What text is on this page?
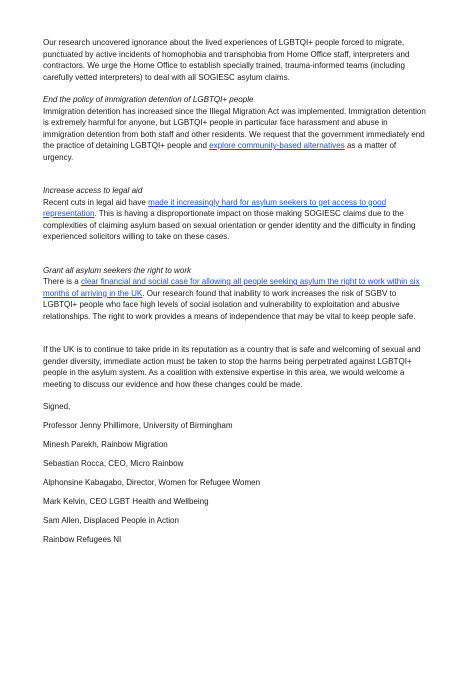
Our research uncovered ignorance about the lived experiences of LGBTQI+ people forced to migrate, punctuated by active incidents of homophobia and transphobia from Home Office staff, interpreters and contractors. We urge the Home Office to establish specially trained, trauma-informed teams (including carefully vetted interpreters) to deal with all SOGIESC asylum claims.

End the policy of immigration detention of LGBTQI+ people

Immigration detention has increased since the Illegal Migration Act was implemented. Immigration detention is extremely harmful for anyone, but LGBTQI+ people in particular face harassment and abuse in immigration detention from both staff and other residents. We request that the government immediately end the practice of detaining LGBTQI+ people and explore community-based alternatives as a matter of urgency.

Increase access to legal aid

Recent cuts in legal aid have made it increasingly hard for asylum seekers to get access to good representation. This is having a disproportionate impact on those making SOGIESC claims due to the complexities of claiming asylum based on sexual orientation or gender identity and the difficulty in finding experienced solicitors willing to take on these cases.

Grant all asylum seekers the right to work

There is a clear financial and social case for allowing all people seeking asylum the right to work within six months of arriving in the UK. Our research found that inability to work increases the risk of SGBV to LGBTQI+ people who face high levels of social isolation and vulnerability to exploitation and abusive relationships. The right to work provides a means of independence that may be vital to keep people safe.

If the UK is to continue to take pride in its reputation as a country that is safe and welcoming of sexual and gender diversity, immediate action must be taken to stop the harms being perpetrated against LGBTQI+ people in the asylum system. As a coalition with extensive expertise in this area, we would welcome a meeting to discuss our evidence and how these changes could be made.

Signed,

Professor Jenny Phillimore, University of Birmingham

Minesh Parekh, Rainbow Migration

Sebastian Rocca, CEO, Micro Rainbow

Alphonsine Kabagabo, Director, Women for Refugee Women

Mark Kelvin, CEO LGBT Health and Wellbeing

Sam Allen, Displaced People in Action

Rainbow Refugees NI
